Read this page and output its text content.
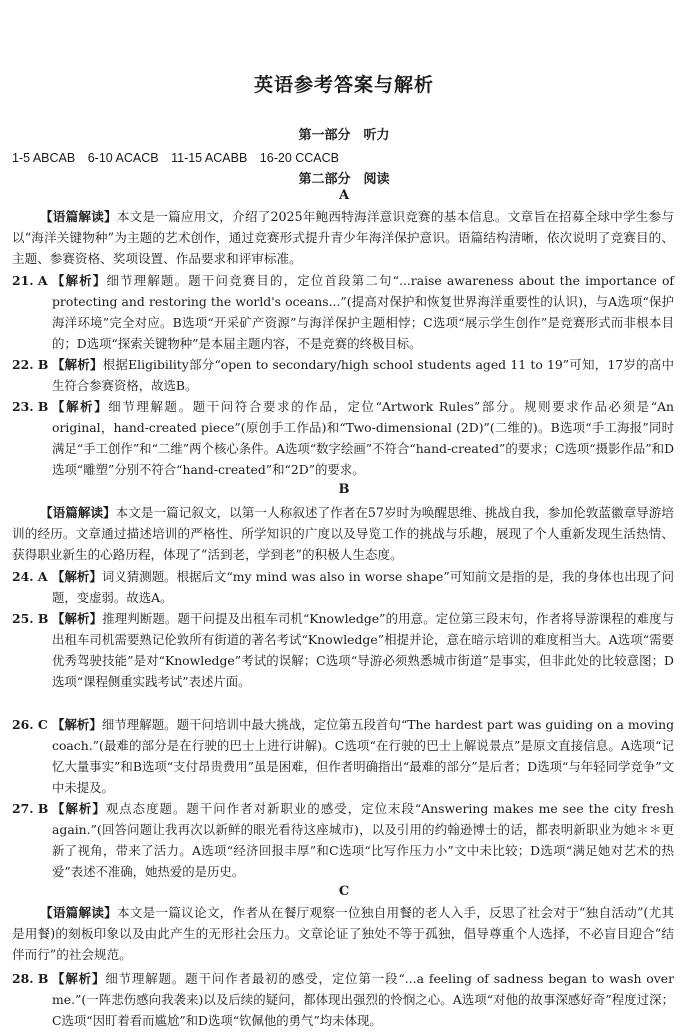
英语参考答案与解析
第一部分　听力
1-5 ABCAB　6-10 ACACB　11-15 ACABB　16-20 CCACB
第二部分　阅读
A
【语篇解读】本文是一篇应用文，介绍了2025年鲍西特海洋意识竞赛的基本信息。文章旨在招募全球中学生参与以“海洋关键物种”为主题的艺术创作，通过竞赛形式提升青少年海洋保护意识。语篇结构清晰，依次说明了竞赛目的、主题、参赛资格、奖项设置、作品要求和评审标准。
21. A 【解析】细节理解题。题干问竞赛目的，定位首段第二句“...raise awareness about the importance of protecting and restoring the world's oceans...”(提高对保护和恢复世界海洋重要性的认识)，与A选项“保护海洋环境”完全对应。B选项“开采矿产资源”与海洋保护主题相悖；C选项“展示学生创作”是竞赛形式而非根本目的；D选项“探索关键物种”是本届主题内容，不是竞赛的终极目标。
22. B 【解析】根据Eligibility部分“open to secondary/high school students aged 11 to 19”可知，17岁的高中生符合参赛资格，故选B。
23. B 【解析】细节理解题。题干问符合要求的作品，定位“Artwork Rules”部分。规则要求作品必须是“An original，hand-created piece”(原创手工作品)和“Two-dimensional (2D)”(二维的)。B选项“手工海报”同时满足“手工创作”和“二维”两个核心条件。A选项“数字绘画”不符合“hand-created”的要求；C选项“摄影作品”和D选项“雕塑”分别不符合“hand-created”和“2D”的要求。
B
【语篇解读】本文是一篇记叙文，以第一人称叙述了作者在57岁时为唤醒思维、挑战自我，参加伦敦蓝徽章导游培训的经历。文章通过描述培训的严格性、所学知识的广度以及导览工作的挑战与乐趣，展现了个人重新发现生活热情、获得职业新生的心路历程，体现了“活到老，学到老”的积极人生态度。
24. A 【解析】词义猜测题。根据后文“my mind was also in worse shape”可知前文是指的是，我的身体也出现了问题，变虚弱。故选A。
25. B 【解析】推理判断题。题干问提及出租车司机“Knowledge”的用意。定位第三段末句，作者将导游课程的难度与出租车司机需要熟记伦敦所有街道的著名考试“Knowledge”相提并论，意在暗示培训的难度相当大。A选项“需要优秀驾驶技能”是对“Knowledge”考试的误解；C选项“导游必须熟悉城市街道”是事实，但非此处的比较意图；D选项“课程侧重实践考试”表述片面。
26. C 【解析】细节理解题。题干问培训中最大挑战，定位第五段首句“The hardest part was guiding on a moving coach.”(最难的部分是在行驶的巴士上进行讲解)。C选项“在行驶的巴士上解说景点”是原文直接信息。A选项“记忆大量事实”和B选项“支付昂贵费用”虽是困难，但作者明确指出“最难的部分”是后者；D选项“与年轻同学竞争”文中未提及。
27. B 【解析】观点态度题。题干问作者对新职业的感受，定位末段“Answering makes me see the city fresh again.”(回答问题让我再次以新鲜的眼光看待这座城市)，以及引用的约翰逊博士的话，都表明新职业为她＊＊更新了视角，带来了活力。A选项“经济回报丰厚”和C选项“比写作压力小”文中未比较；D选项“满足她对艺术的热爱”表述不准确，她热爱的是历史。
C
【语篇解读】本文是一篇议论文，作者从在餐厅观察一位独自用餐的老人入手，反思了社会对于“独自活动”(尤其是用餐)的刻板印象以及由此产生的无形社会压力。文章论证了独处不等于孤独，倡导尊重个人选择，不必盲目迎合“结伴而行”的社会规范。
28. B 【解析】细节理解题。题干问作者最初的感受，定位第一段“...a feeling of sadness began to wash over me.”(一阵悲伤感向我袭来)以及后续的疑问，都体现出强烈的怜悯之心。A选项“对他的故事深感好奇”程度过深；C选项“因盯着看而尴尬”和D选项“钦佩他的勇气”均未体现。
